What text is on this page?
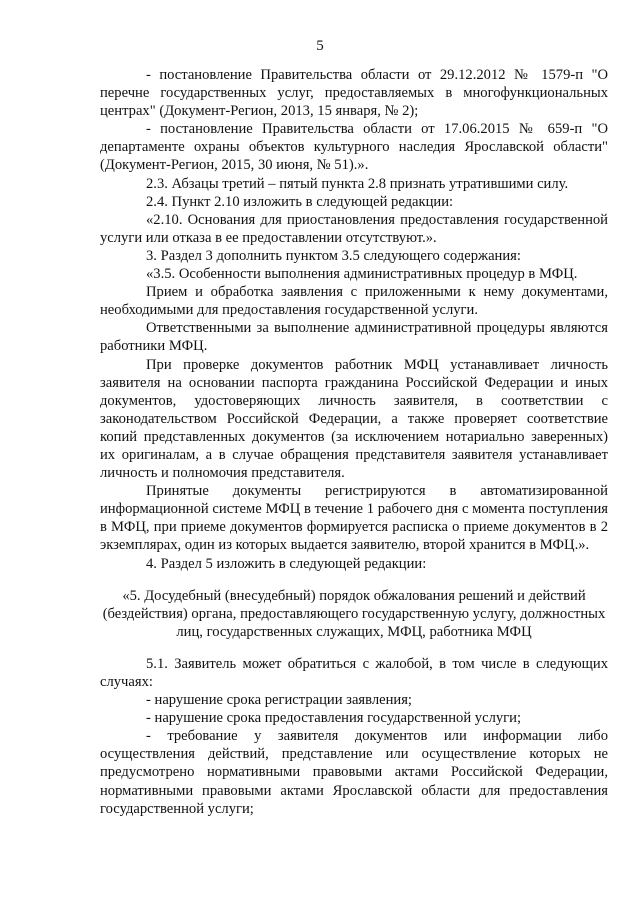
5

- постановление Правительства области от 29.12.2012 № 1579-п "О перечне государственных услуг, предоставляемых в многофункциональных центрах" (Документ-Регион, 2013, 15 января, № 2);

- постановление Правительства области от 17.06.2015 № 659-п "О департаменте охраны объектов культурного наследия Ярославской области" (Документ-Регион, 2015, 30 июня, № 51).».

2.3. Абзацы третий – пятый пункта 2.8 признать утратившими силу.

2.4. Пункт 2.10 изложить в следующей редакции:

«2.10. Основания для приостановления предоставления государственной услуги или отказа в ее предоставлении отсутствуют.».

3. Раздел 3 дополнить пунктом 3.5 следующего содержания:

«3.5. Особенности выполнения административных процедур в МФЦ.

Прием и обработка заявления с приложенными к нему документами, необходимыми для предоставления государственной услуги.

Ответственными за выполнение административной процедуры являются работники МФЦ.

При проверке документов работник МФЦ устанавливает личность заявителя на основании паспорта гражданина Российской Федерации и иных документов, удостоверяющих личность заявителя, в соответствии с законодательством Российской Федерации, а также проверяет соответствие копий представленных документов (за исключением нотариально заверенных) их оригиналам, а в случае обращения представителя заявителя устанавливает личность и полномочия представителя.

Принятые документы регистрируются в автоматизированной информационной системе МФЦ в течение 1 рабочего дня с момента поступления в МФЦ, при приеме документов формируется расписка о приеме документов в 2 экземплярах, один из которых выдается заявителю, второй хранится в МФЦ.».

4. Раздел 5 изложить в следующей редакции:

«5. Досудебный (внесудебный) порядок обжалования решений и действий (бездействия) органа, предоставляющего государственную услугу, должностных лиц, государственных служащих, МФЦ, работника МФЦ

5.1. Заявитель может обратиться с жалобой, в том числе в следующих случаях:

- нарушение срока регистрации заявления;

- нарушение срока предоставления государственной услуги;

- требование у заявителя документов или информации либо осуществления действий, представление или осуществление которых не предусмотрено нормативными правовыми актами Российской Федерации, нормативными правовыми актами Ярославской области для предоставления государственной услуги;
